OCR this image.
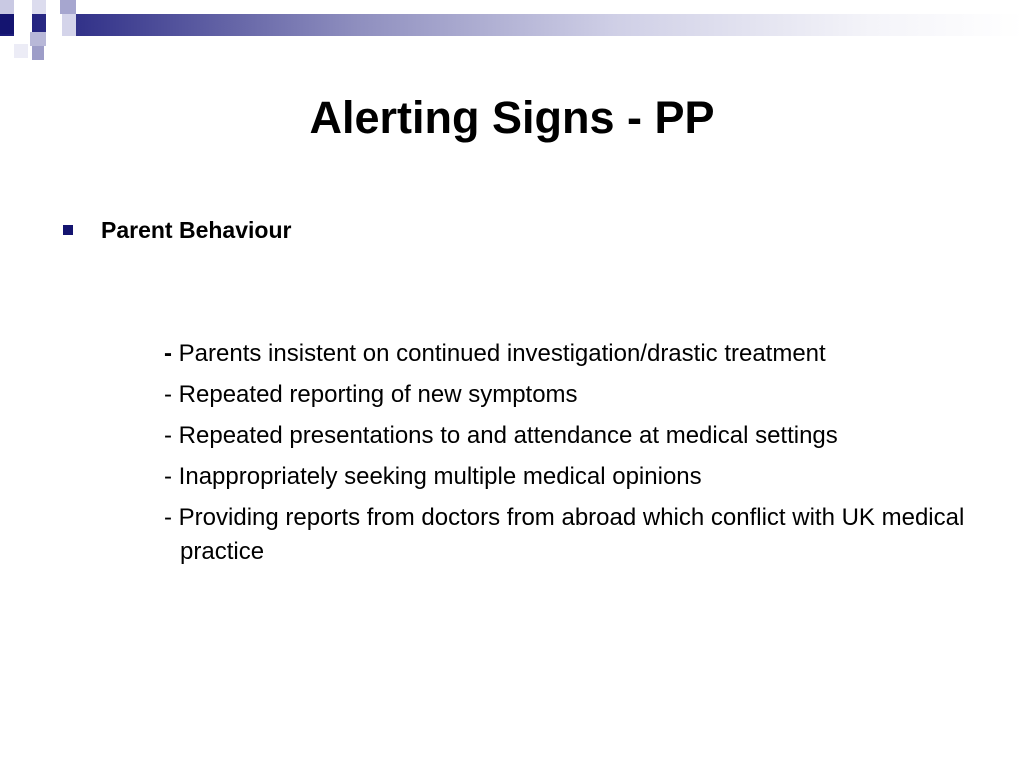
Alerting Signs - PP
Parent Behaviour
- Parents insistent on continued investigation/drastic treatment
- Repeated reporting of new symptoms
- Repeated presentations to and attendance at medical settings
- Inappropriately seeking multiple medical opinions
- Providing reports from doctors from abroad which conflict with UK medical practice
